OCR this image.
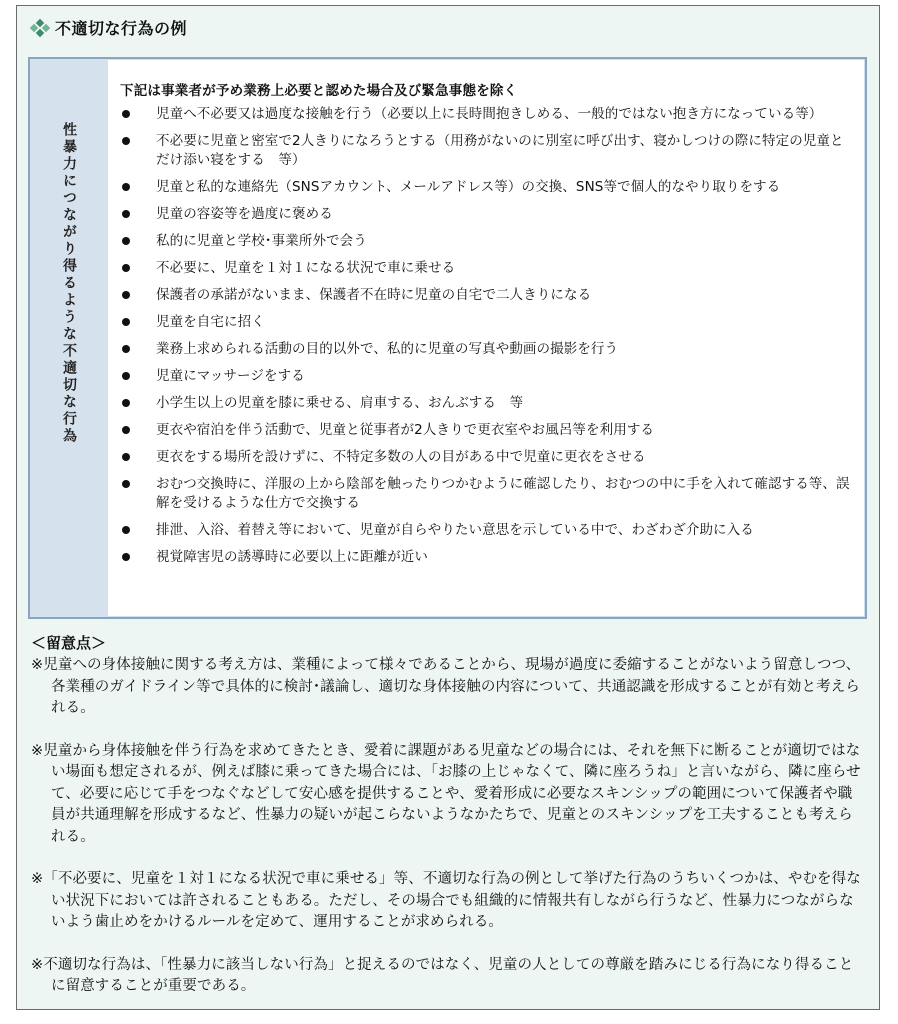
不適切な行為の例
性暴力につながり得るような不適切な行為
下記は事業者が予め業務上必要と認めた場合及び緊急事態を除く
児童へ不必要又は過度な接触を行う（必要以上に長時間抱きしめる、一般的ではない抱き方になっている等）
不必要に児童と密室で2人きりになろうとする（用務がないのに別室に呼び出す、寝かしつけの際に特定の児童とだけ添い寝をする　等）
児童と私的な連絡先（SNSアカウント、メールアドレス等）の交換、SNS等で個人的なやり取りをする
児童の容姿等を過度に褒める
私的に児童と学校･事業所外で会う
不必要に、児童を１対１になる状況で車に乗せる
保護者の承諾がないまま、保護者不在時に児童の自宅で二人きりになる
児童を自宅に招く
業務上求められる活動の目的以外で、私的に児童の写真や動画の撮影を行う
児童にマッサージをする
小学生以上の児童を膝に乗せる、肩車する、おんぶする　等
更衣や宿泊を伴う活動で、児童と従事者が2人きりで更衣室やお風呂等を利用する
更衣をする場所を設けずに、不特定多数の人の目がある中で児童に更衣をさせる
おむつ交換時に、洋服の上から陰部を触ったりつかむように確認したり、おむつの中に手を入れて確認する等、誤解を受けるような仕方で交換する
排泄、入浴、着替え等において、児童が自らやりたい意思を示している中で、わざわざ介助に入る
視覚障害児の誘導時に必要以上に距離が近い
＜留意点＞
※児童への身体接触に関する考え方は、業種によって様々であることから、現場が過度に委縮することがないよう留意しつつ、各業種のガイドライン等で具体的に検討･議論し、適切な身体接触の内容について、共通認識を形成することが有効と考えられる。
※児童から身体接触を伴う行為を求めてきたとき、愛着に課題がある児童などの場合には、それを無下に断ることが適切ではない場面も想定されるが、例えば膝に乗ってきた場合には、「お膝の上じゃなくて、隣に座ろうね」と言いながら、隣に座らせて、必要に応じて手をつなぐなどして安心感を提供することや、愛着形成に必要なスキンシップの範囲について保護者や職員が共通理解を形成するなど、性暴力の疑いが起こらないようなかたちで、児童とのスキンシップを工夫することも考えられる。
※「不必要に、児童を１対１になる状況で車に乗せる」等、不適切な行為の例として挙げた行為のうちいくつかは、やむを得ない状況下においては許されることもある。ただし、その場合でも組織的に情報共有しながら行うなど、性暴力につながらないよう歯止めをかけるルールを定めて、運用することが求められる。
※不適切な行為は、「性暴力に該当しない行為」と捉えるのではなく、児童の人としての尊厳を踏みにじる行為になり得ることに留意することが重要である。
